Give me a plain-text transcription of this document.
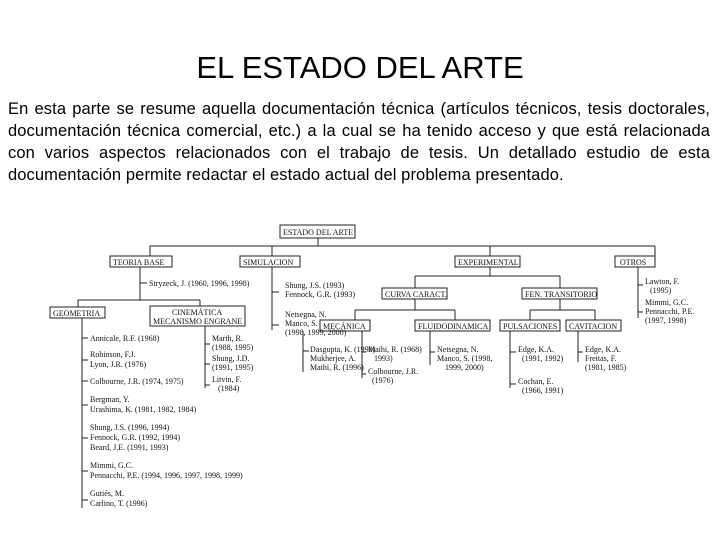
EL ESTADO DEL ARTE

En esta parte se resume aquella documentación técnica (artículos técnicos, tesis doctorales, documentación técnica comercial, etc.) a la cual se ha tenido acceso y que está relacionada con varios aspectos relacionados con el trabajo de tesis. Un detallado estudio de esta documentación permite redactar el estado actual del problema presentado.

ESTADO DEL ARTE
TEORIA BASE	SIMULACION	EXPERIMENTAL	OTROS
Stryzeck, J. (1960, 1996, 1998)
GEOMETRIA
Annicale, R.F. (1968)
Robinson, F.J.
Lyon, J.R. (1976)
Colbourne, J.R. (1974, 1975)
Bergman, Y.
Urashima, K. (1981, 1982, 1984)
Shung, J.S. (1996, 1994)
Fennock, G.R. (1992, 1994)
Beard, J.E. (1991, 1993)
Mimmi, G.C.
Pennacchi, P.E. (1994, 1996, 1997, 1998, 1999)
Gutiés, M.
Carlino, T. (1996)
CINEMÁTICA
MECANISMO ENGRANE
Marth, R.
(1988, 1995)
Shung, J.D.
(1991, 1995)
Litvin, F.
(1984)
Shung, J.S. (1993)
Fennock, G.R. (1993)
Netsegna, N.
Manco, S.
(1998, 1999, 2000)
CURVA CARACT.	FEN. TRANSITORIO
MECÁNICA	FLUIDODINAMICA PULSACIONES CAVITACION
Dasgupta, K. (1990)
Mukherjee, A.
Mathi, R. (1996)
Maihi, R. (1968)
1993)
Colbourne, J.R.
(1976)
Netsegna, N.
Manco, S. (1998,
1999, 2000)
Edge, K.A.
(1991, 1992)
Cochan, E.
(1966, 1991)
Edge, K.A.
Freitas, F.
(1981, 1985)
Lawton, F.
(1995)
Mimmi, G.C.
Pennacchi, P.E.
(1997, 1998)
